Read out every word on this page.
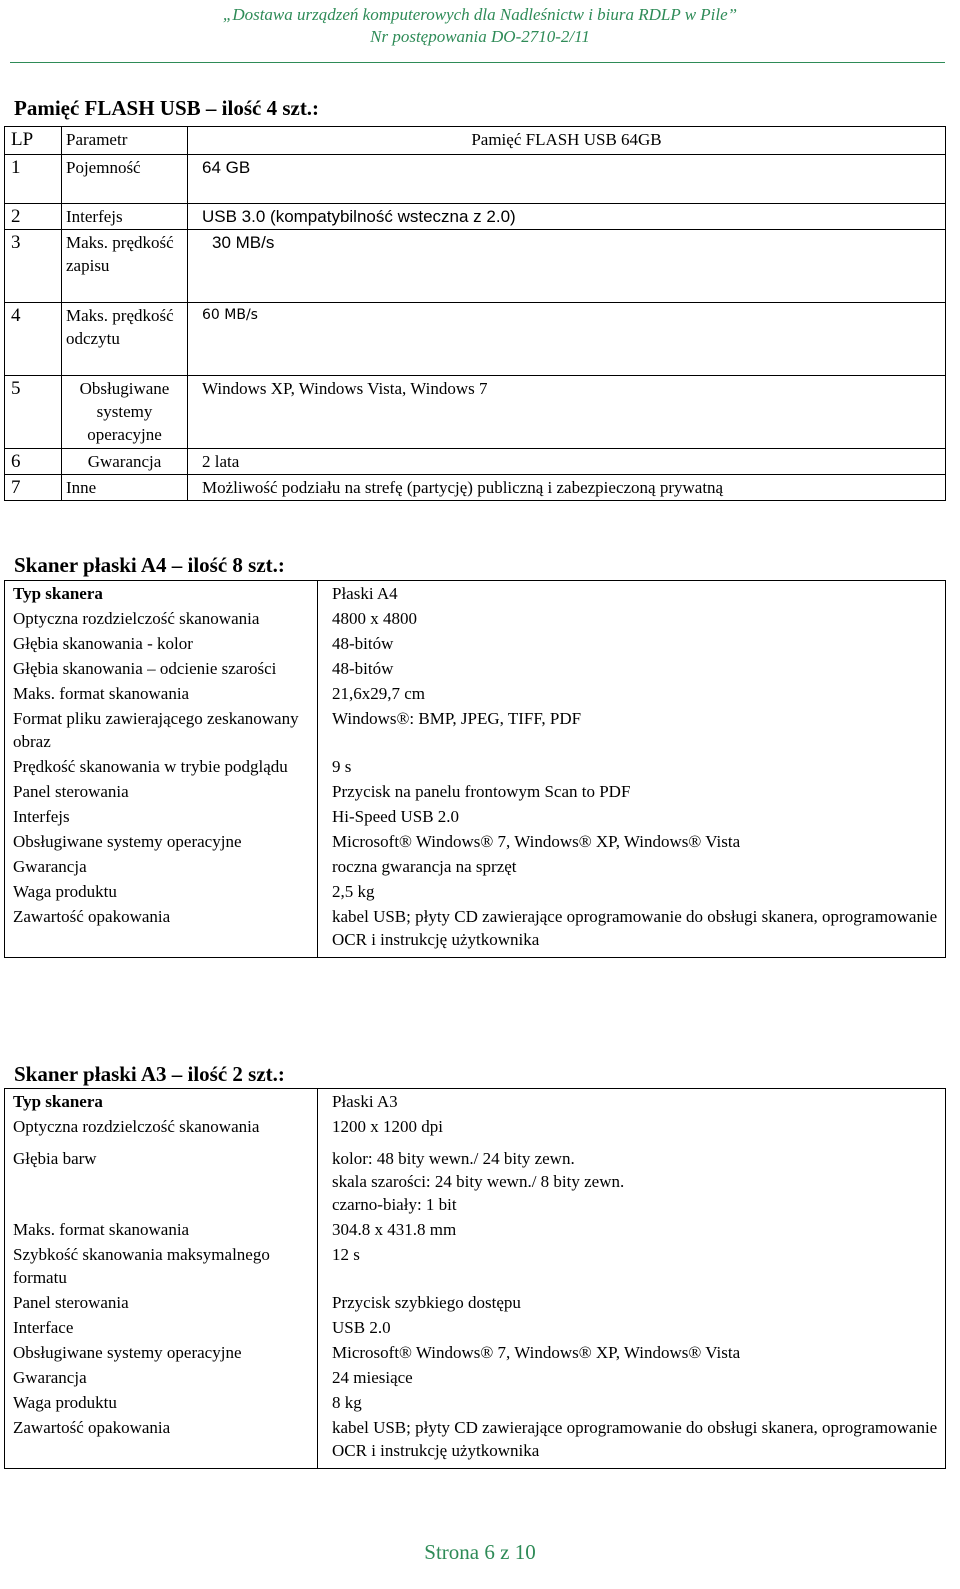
„Dostawa urządzeń komputerowych dla Nadleśnictw i biura RDLP w Pile”
Nr postępowania DO-2710-2/11
Pamięć FLASH USB – ilość 4 szt.:
LP	Parametr	Pamięć FLASH USB 64GB
1	Pojemność	64 GB
2	Interfejs	USB 3.0 (kompatybilność wsteczna z 2.0)
3	Maks. prędkość zapisu	30 MB/s
4	Maks. prędkość odczytu	60 MB/s
5	Obsługiwane systemy operacyjne	Windows XP, Windows Vista, Windows 7
6	Gwarancja	2 lata
7	Inne	Możliwość podziału na strefę (partycję) publiczną i zabezpieczoną prywatną
Skaner płaski A4 – ilość 8 szt.:
Typ skanera	Płaski A4
Optyczna rozdzielczość skanowania	4800 x 4800
Głębia skanowania - kolor	48-bitów
Głębia skanowania – odcienie szarości	48-bitów
Maks. format skanowania	21,6x29,7 cm
Format pliku zawierającego zeskanowany obraz	Windows®: BMP, JPEG, TIFF, PDF
Prędkość skanowania w trybie podglądu	9 s
Panel sterowania	Przycisk na panelu frontowym Scan to PDF
Interfejs	Hi-Speed USB 2.0
Obsługiwane systemy operacyjne	Microsoft® Windows® 7, Windows® XP, Windows® Vista
Gwarancja	roczna gwarancja na sprzęt
Waga produktu	2,5 kg
Zawartość opakowania	kabel USB; płyty CD zawierające oprogramowanie do obsługi skanera, oprogramowanie OCR i instrukcję użytkownika
Skaner płaski A3 – ilość 2 szt.:
Typ skanera	Płaski A3
Optyczna rozdzielczość skanowania	1200 x 1200 dpi
Głębia barw	kolor: 48 bity wewn./ 24 bity zewn.
skala szarości: 24 bity wewn./ 8 bity zewn.
czarno-biały: 1 bit

Maks. format skanowania	304.8 x 431.8 mm
Szybkość skanowania maksymalnego formatu	12 s
Panel sterowania	Przycisk szybkiego dostępu
Interface	USB 2.0
Obsługiwane systemy operacyjne	Microsoft® Windows® 7, Windows® XP, Windows® Vista
Gwarancja	24 miesiące
Waga produktu	8 kg
Zawartość opakowania	kabel USB; płyty CD zawierające oprogramowanie do obsługi skanera, oprogramowanie OCR i instrukcję użytkownika
Strona 6 z 10
